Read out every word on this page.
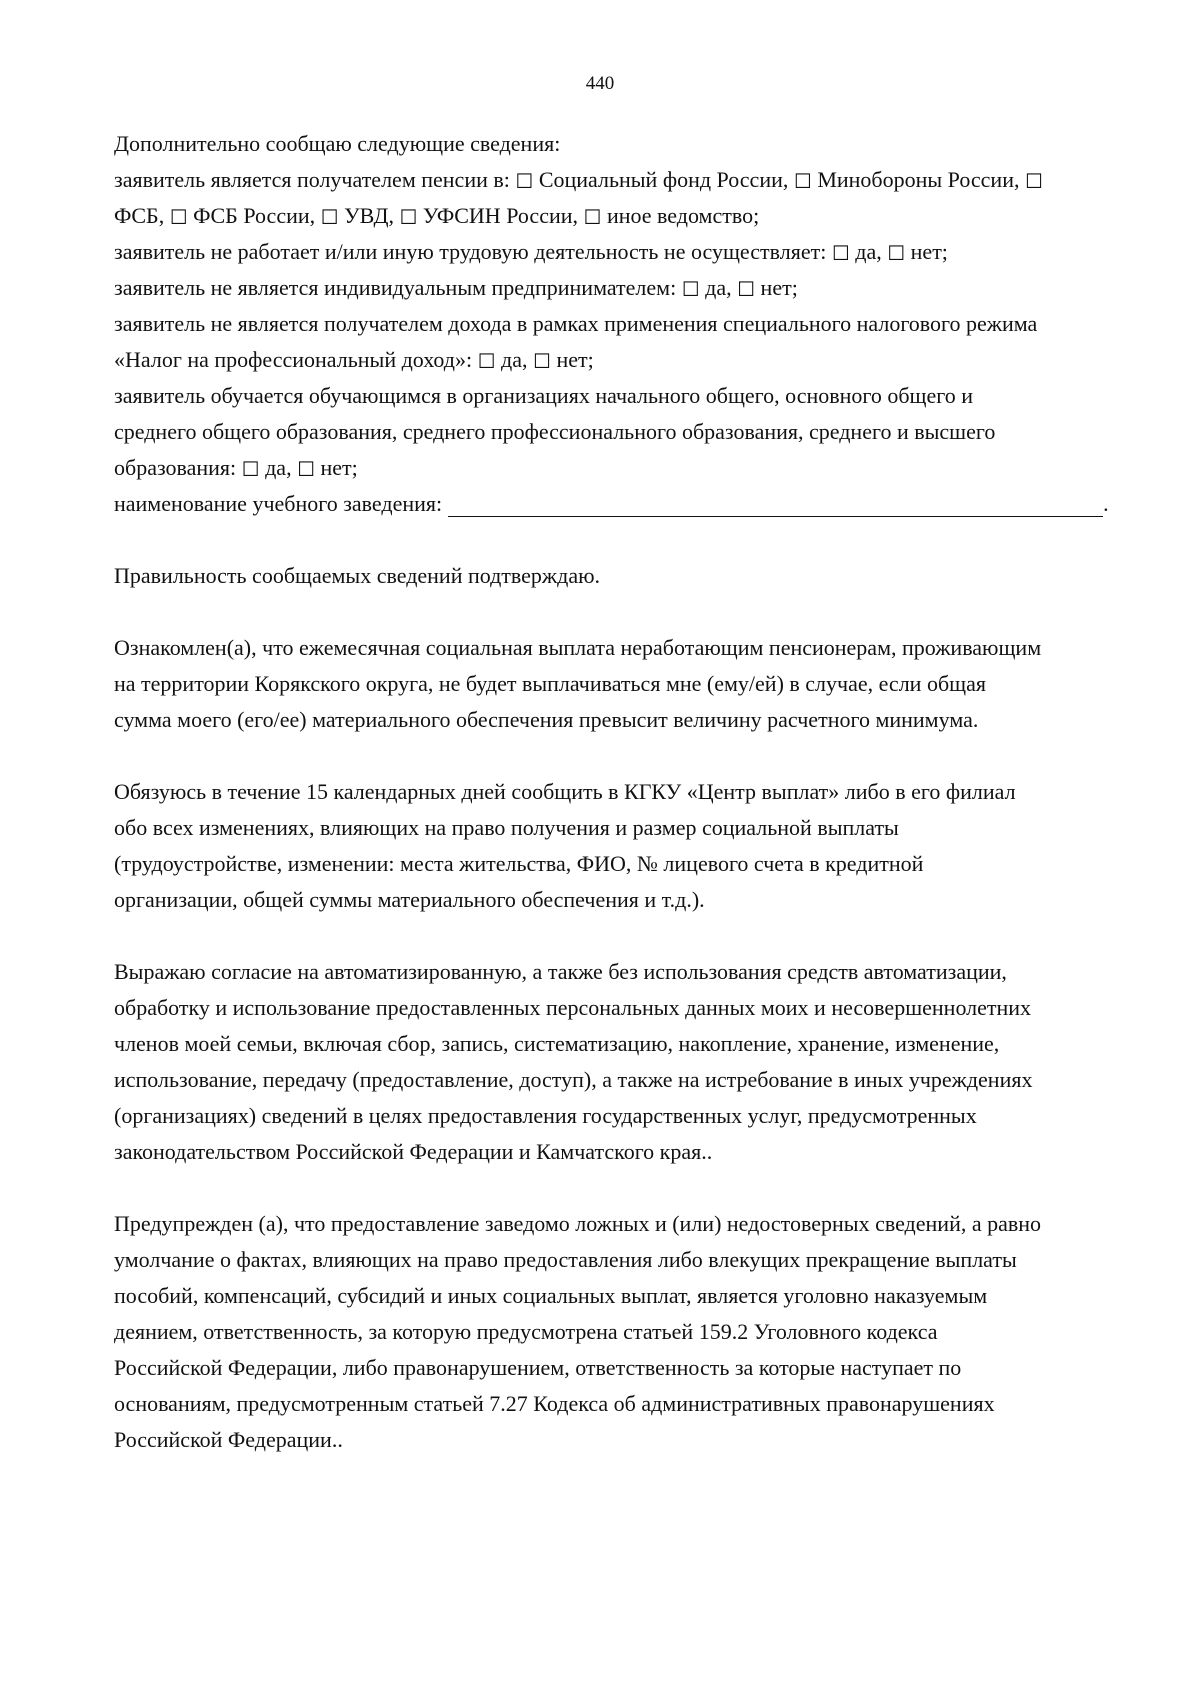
440
Дополнительно сообщаю следующие сведения:
заявитель является получателем пенсии в: ☐ Социальный фонд России, ☐ Минобороны России, ☐
ФСБ, ☐ ФСБ России, ☐ УВД, ☐ УФСИН России, ☐ иное ведомство;
заявитель не работает и/или иную трудовую деятельность не осуществляет: ☐ да, ☐ нет;
заявитель не является индивидуальным предпринимателем: ☐ да, ☐ нет;
заявитель не является получателем дохода в рамках применения специального налогового режима
«Налог на профессиональный доход»: ☐ да, ☐ нет;
заявитель обучается обучающимся в организациях начального общего, основного общего и
среднего общего образования, среднего профессионального образования, среднего и высшего
образования: ☐ да, ☐ нет;
наименование учебного заведения:	.
Правильность сообщаемых сведений подтверждаю.
Ознакомлен(а), что ежемесячная социальная выплата неработающим пенсионерам, проживающим
на территории Корякского округа, не будет выплачиваться мне (ему/ей) в случае, если общая
сумма моего (его/ее) материального обеспечения превысит величину расчетного минимума.
Обязуюсь в течение 15 календарных дней сообщить в КГКУ «Центр выплат» либо в его филиал
обо всех изменениях, влияющих на право получения и размер социальной выплаты
(трудоустройстве, изменении: места жительства, ФИО, № лицевого счета в кредитной
организации, общей суммы материального обеспечения и т.д.).
Выражаю согласие на автоматизированную, а также без использования средств автоматизации,
обработку и использование предоставленных персональных данных моих и несовершеннолетних
членов моей семьи, включая сбор, запись, систематизацию, накопление, хранение, изменение,
использование, передачу (предоставление, доступ), а также на истребование в иных учреждениях
(организациях) сведений в целях предоставления государственных услуг, предусмотренных
законодательством Российской Федерации и Камчатского края..
Предупрежден (а), что предоставление заведомо ложных и (или) недостоверных сведений, а равно
умолчание о фактах, влияющих на право предоставления либо влекущих прекращение выплаты
пособий, компенсаций, субсидий и иных социальных выплат, является уголовно наказуемым
деянием, ответственность, за которую предусмотрена статьей 159.2 Уголовного кодекса
Российской Федерации, либо правонарушением, ответственность за которые наступает по
основаниям, предусмотренным статьей 7.27 Кодекса об административных правонарушениях
Российской Федерации..
